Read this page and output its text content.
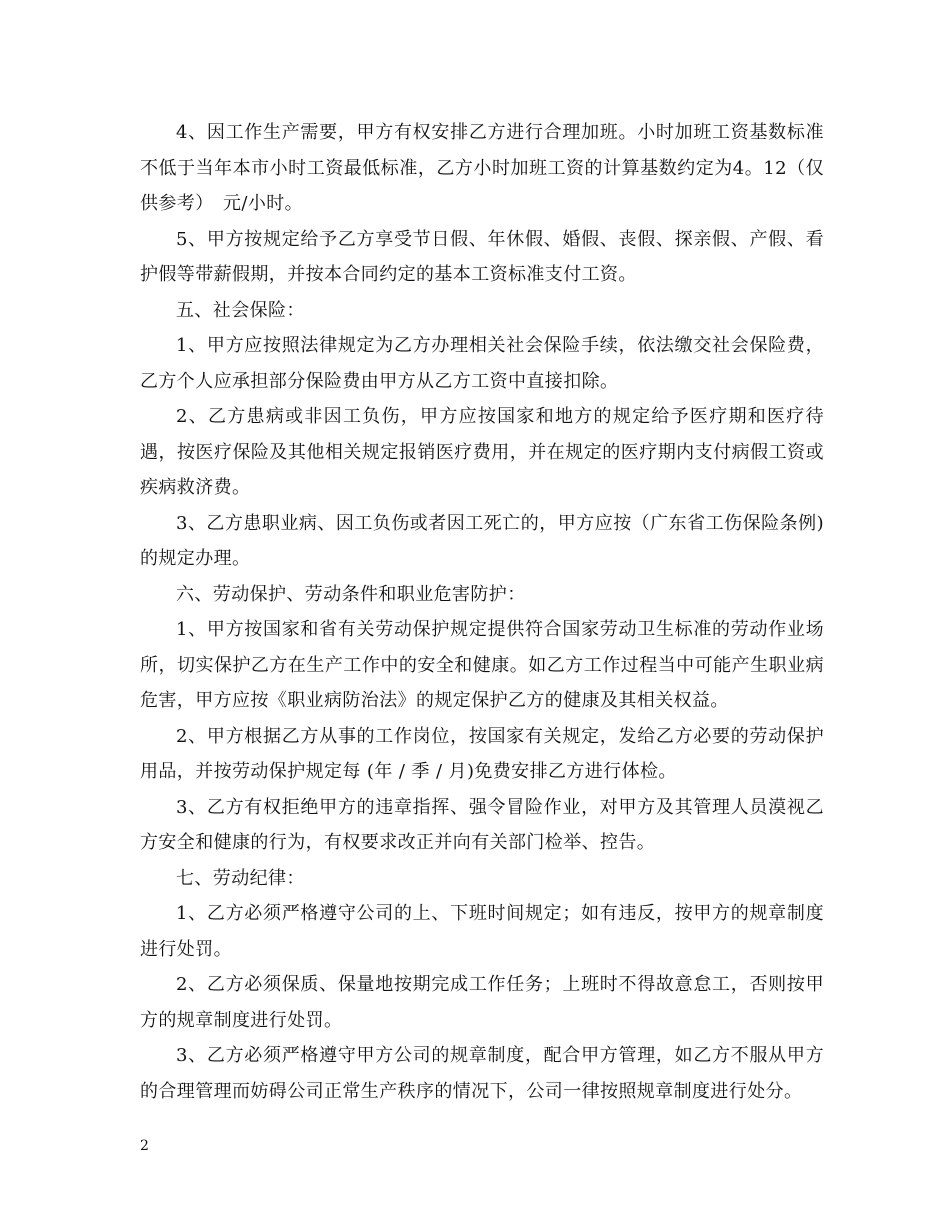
4、因工作生产需要，甲方有权安排乙方进行合理加班。小时加班工资基数标准不低于当年本市小时工资最低标准，乙方小时加班工资的计算基数约定为4。12（仅供参考）　元/小时。

5、甲方按规定给予乙方享受节日假、年休假、婚假、丧假、探亲假、产假、看护假等带薪假期，并按本合同约定的基本工资标准支付工资。

五、社会保险：

1、甲方应按照法律规定为乙方办理相关社会保险手续，依法缴交社会保险费，乙方个人应承担部分保险费由甲方从乙方工资中直接扣除。

2、乙方患病或非因工负伤，甲方应按国家和地方的规定给予医疗期和医疗待遇，按医疗保险及其他相关规定报销医疗费用，并在规定的医疗期内支付病假工资或疾病救济费。

3、乙方患职业病、因工负伤或者因工死亡的，甲方应按（广东省工伤保险条例)的规定办理。

六、劳动保护、劳动条件和职业危害防护：

1、甲方按国家和省有关劳动保护规定提供符合国家劳动卫生标准的劳动作业场所，切实保护乙方在生产工作中的安全和健康。如乙方工作过程当中可能产生职业病危害，甲方应按《职业病防治法》的规定保护乙方的健康及其相关权益。

2、甲方根据乙方从事的工作岗位，按国家有关规定，发给乙方必要的劳动保护用品，并按劳动保护规定每 (年 / 季 / 月)免费安排乙方进行体检。

3、乙方有权拒绝甲方的违章指挥、强令冒险作业，对甲方及其管理人员漠视乙方安全和健康的行为，有权要求改正并向有关部门检举、控告。

七、劳动纪律：

1、乙方必须严格遵守公司的上、下班时间规定；如有违反，按甲方的规章制度进行处罚。

2、乙方必须保质、保量地按期完成工作任务；上班时不得故意怠工，否则按甲方的规章制度进行处罚。

3、乙方必须严格遵守甲方公司的规章制度，配合甲方管理，如乙方不服从甲方的合理管理而妨碍公司正常生产秩序的情况下，公司一律按照规章制度进行处分。

2
